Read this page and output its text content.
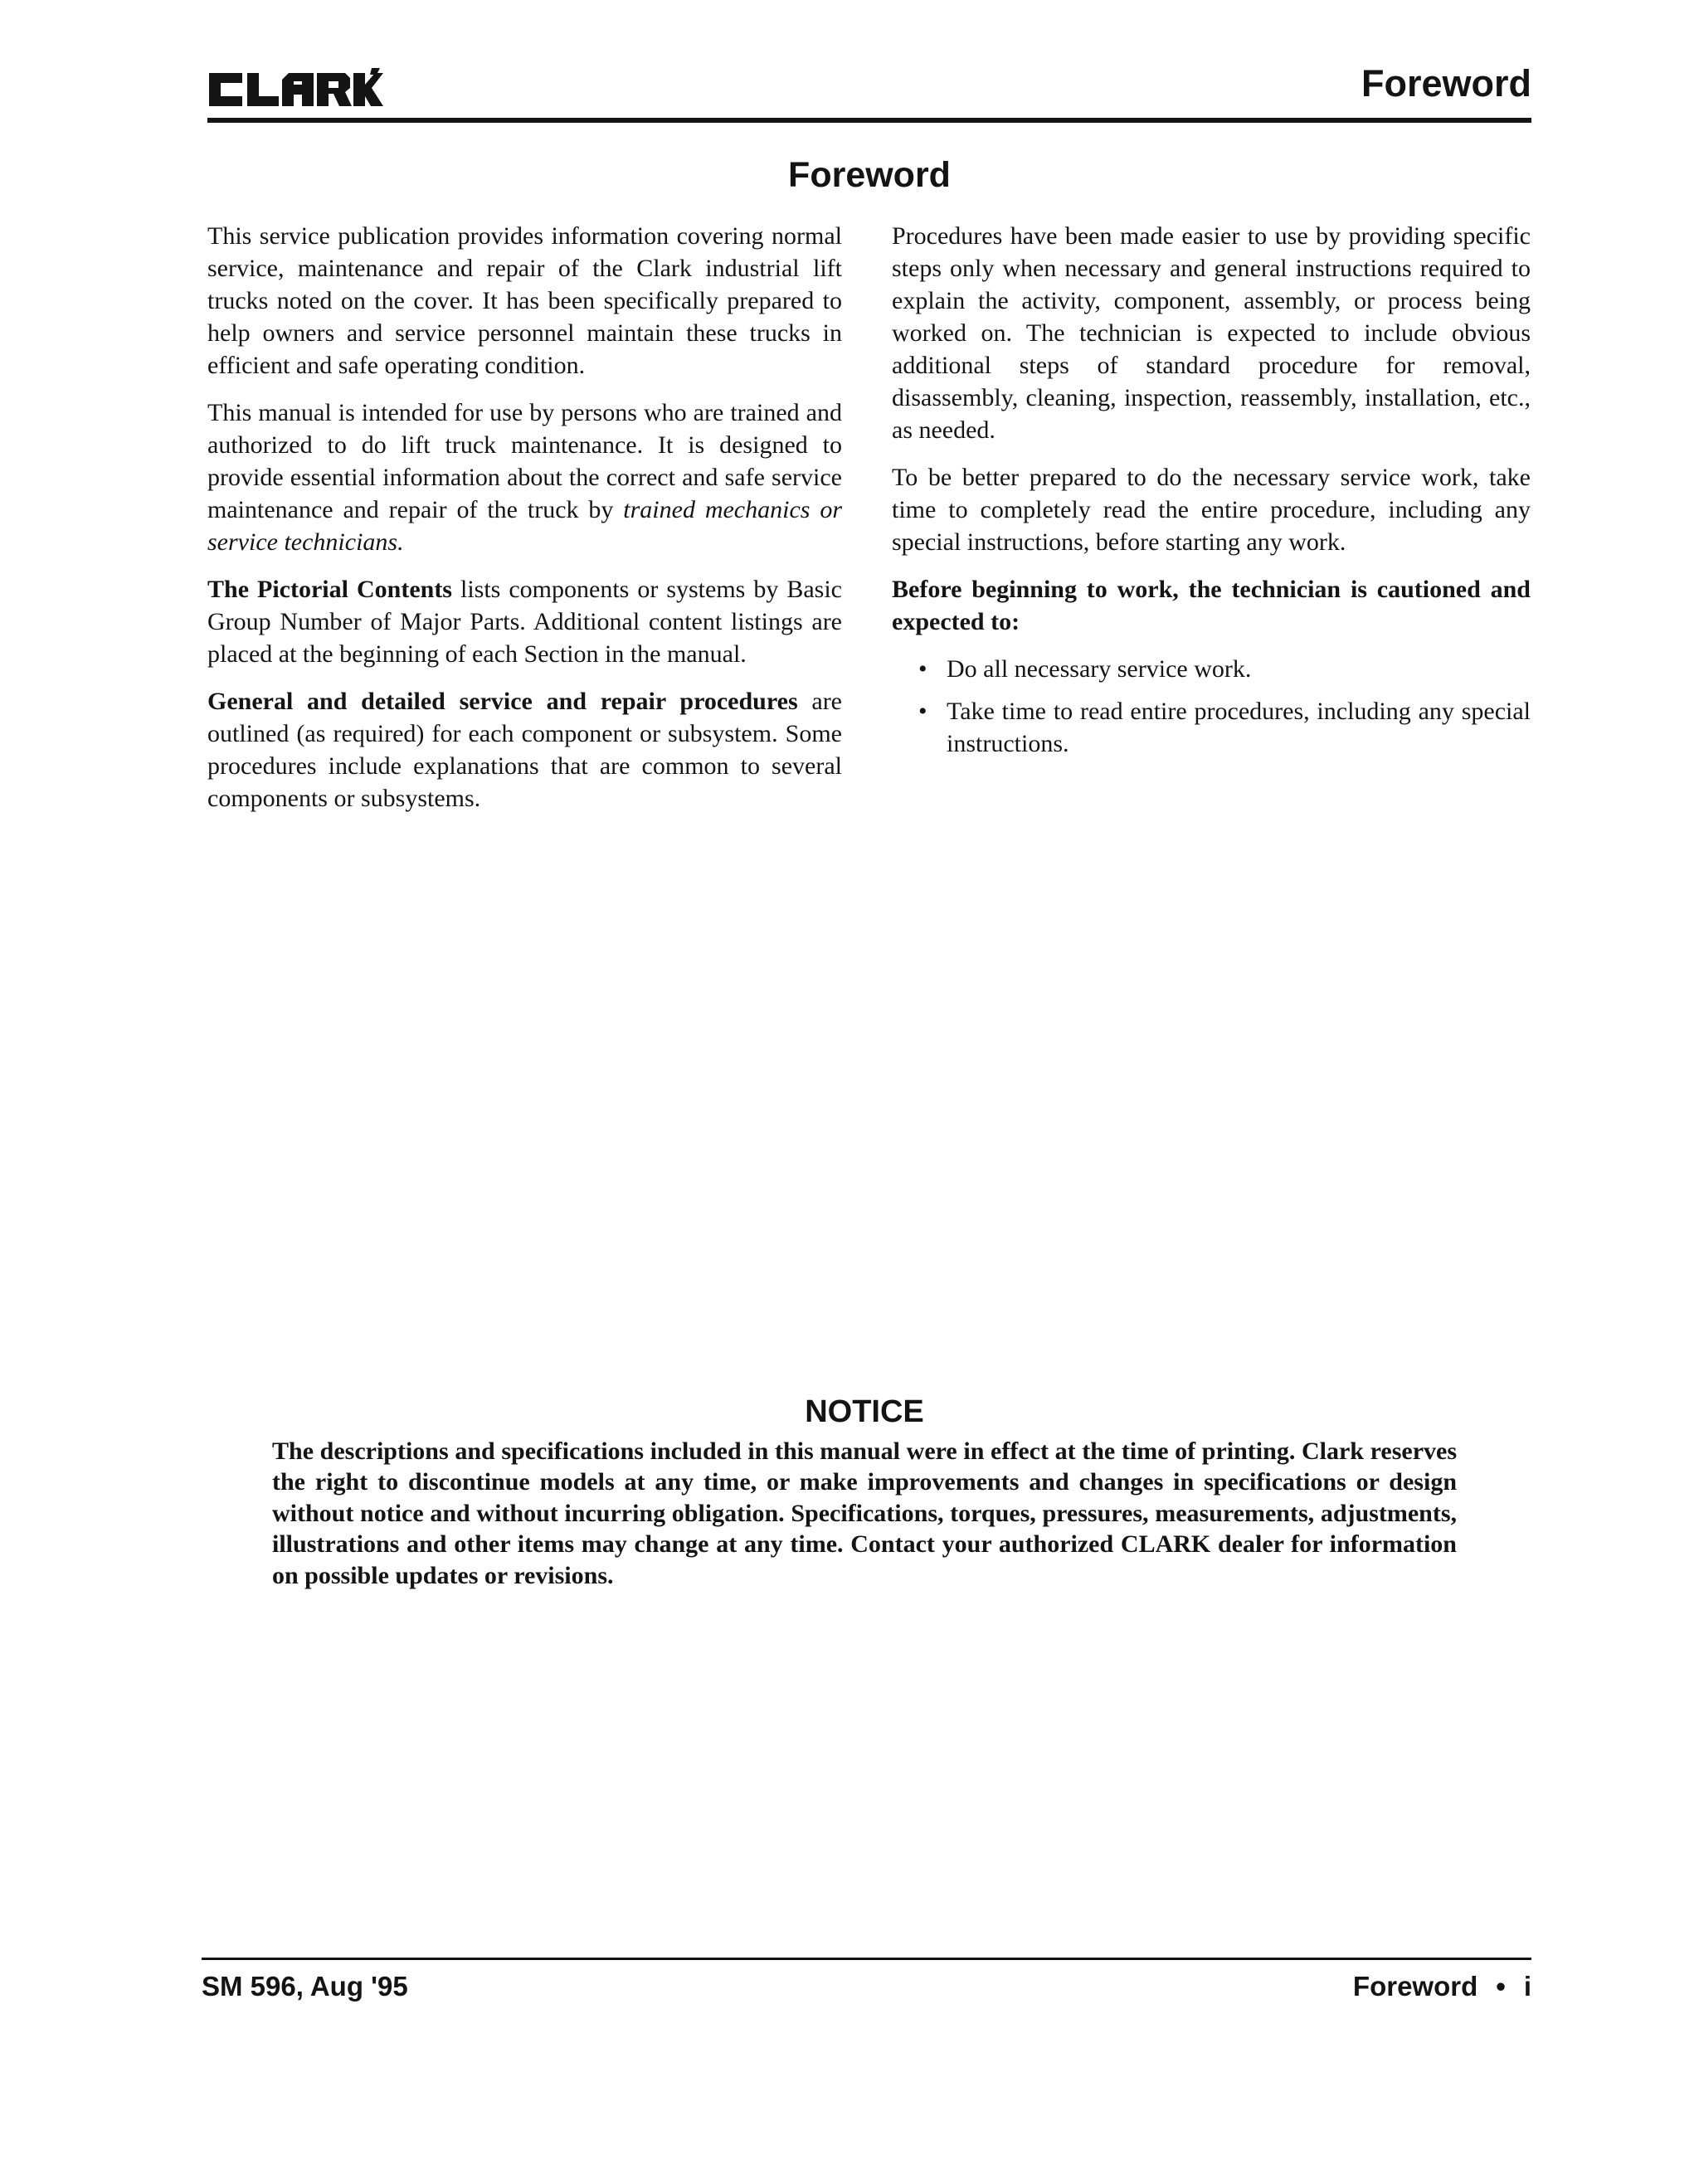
Foreword
Foreword

This service publication provides information covering normal service, maintenance and repair of the Clark industrial lift trucks noted on the cover. It has been specifically prepared to help owners and service personnel maintain these trucks in efficient and safe operating condition.

This manual is intended for use by persons who are trained and authorized to do lift truck maintenance. It is designed to provide essential information about the correct and safe service maintenance and repair of the truck by trained mechanics or service technicians.

The Pictorial Contents lists components or systems by Basic Group Number of Major Parts. Additional content listings are placed at the beginning of each Section in the manual.

General and detailed service and repair procedures are outlined (as required) for each component or subsystem. Some procedures include explanations that are common to several components or subsystems.

Procedures have been made easier to use by providing specific steps only when necessary and general instructions required to explain the activity, component, assembly, or process being worked on. The technician is expected to include obvious additional steps of standard procedure for removal, disassembly, cleaning, inspection, reassembly, installation, etc., as needed.

To be better prepared to do the necessary service work, take time to completely read the entire procedure, including any special instructions, before starting any work.

Before beginning to work, the technician is cautioned and expected to:

• Do all necessary service work.
• Take time to read entire procedures, including any special instructions.
NOTICE

The descriptions and specifications included in this manual were in effect at the time of printing. Clark reserves the right to discontinue models at any time, or make improvements and changes in specifications or design without notice and without incurring obligation. Specifications, torques, pressures, measurements, adjustments, illustrations and other items may change at any time. Contact your authorized CLARK dealer for information on possible updates or revisions.

SM 596, Aug '95	Foreword • i
